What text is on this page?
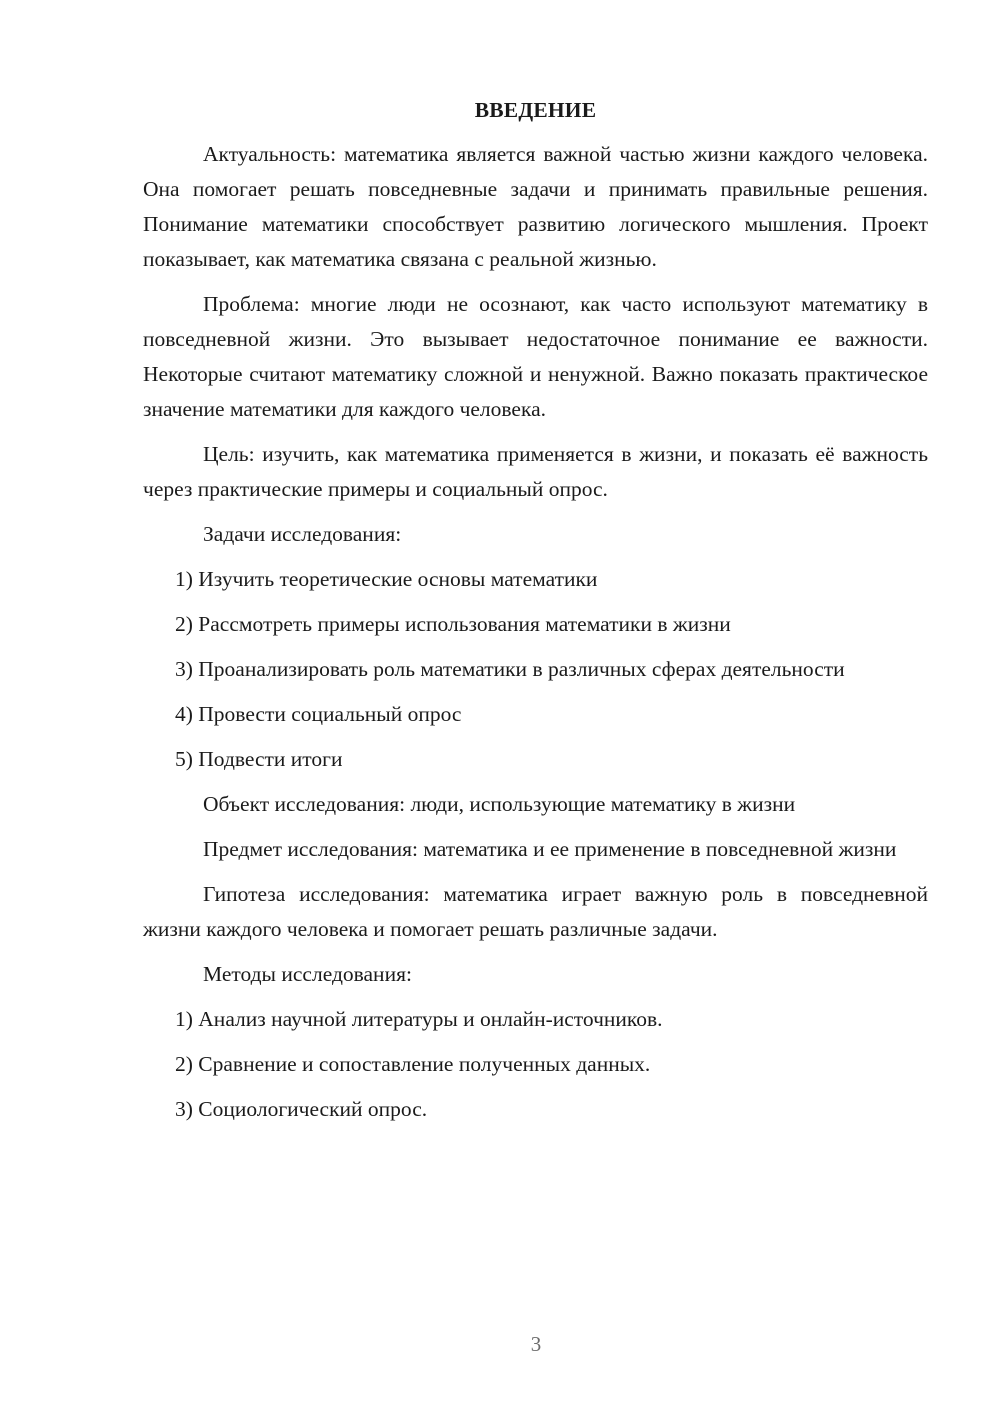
ВВЕДЕНИЕ

Актуальность: математика является важной частью жизни каждого человека. Она помогает решать повседневные задачи и принимать правильные решения. Понимание математики способствует развитию логического мышления. Проект показывает, как математика связана с реальной жизнью.

Проблема: многие люди не осознают, как часто используют математику в повседневной жизни. Это вызывает недостаточное понимание ее важности. Некоторые считают математику сложной и ненужной. Важно показать практическое значение математики для каждого человека.

Цель: изучить, как математика применяется в жизни, и показать её важность через практические примеры и социальный опрос.

Задачи исследования:

1) Изучить теоретические основы математики

2) Рассмотреть примеры использования математики в жизни

3) Проанализировать роль математики в различных сферах деятельности

4) Провести социальный опрос

5) Подвести итоги

Объект исследования: люди, использующие математику в жизни

Предмет исследования: математика и ее применение в повседневной жизни

Гипотеза исследования: математика играет важную роль в повседневной жизни каждого человека и помогает решать различные задачи.

Методы исследования:

1) Анализ научной литературы и онлайн-источников.

2) Сравнение и сопоставление полученных данных.

3) Социологический опрос.

3
